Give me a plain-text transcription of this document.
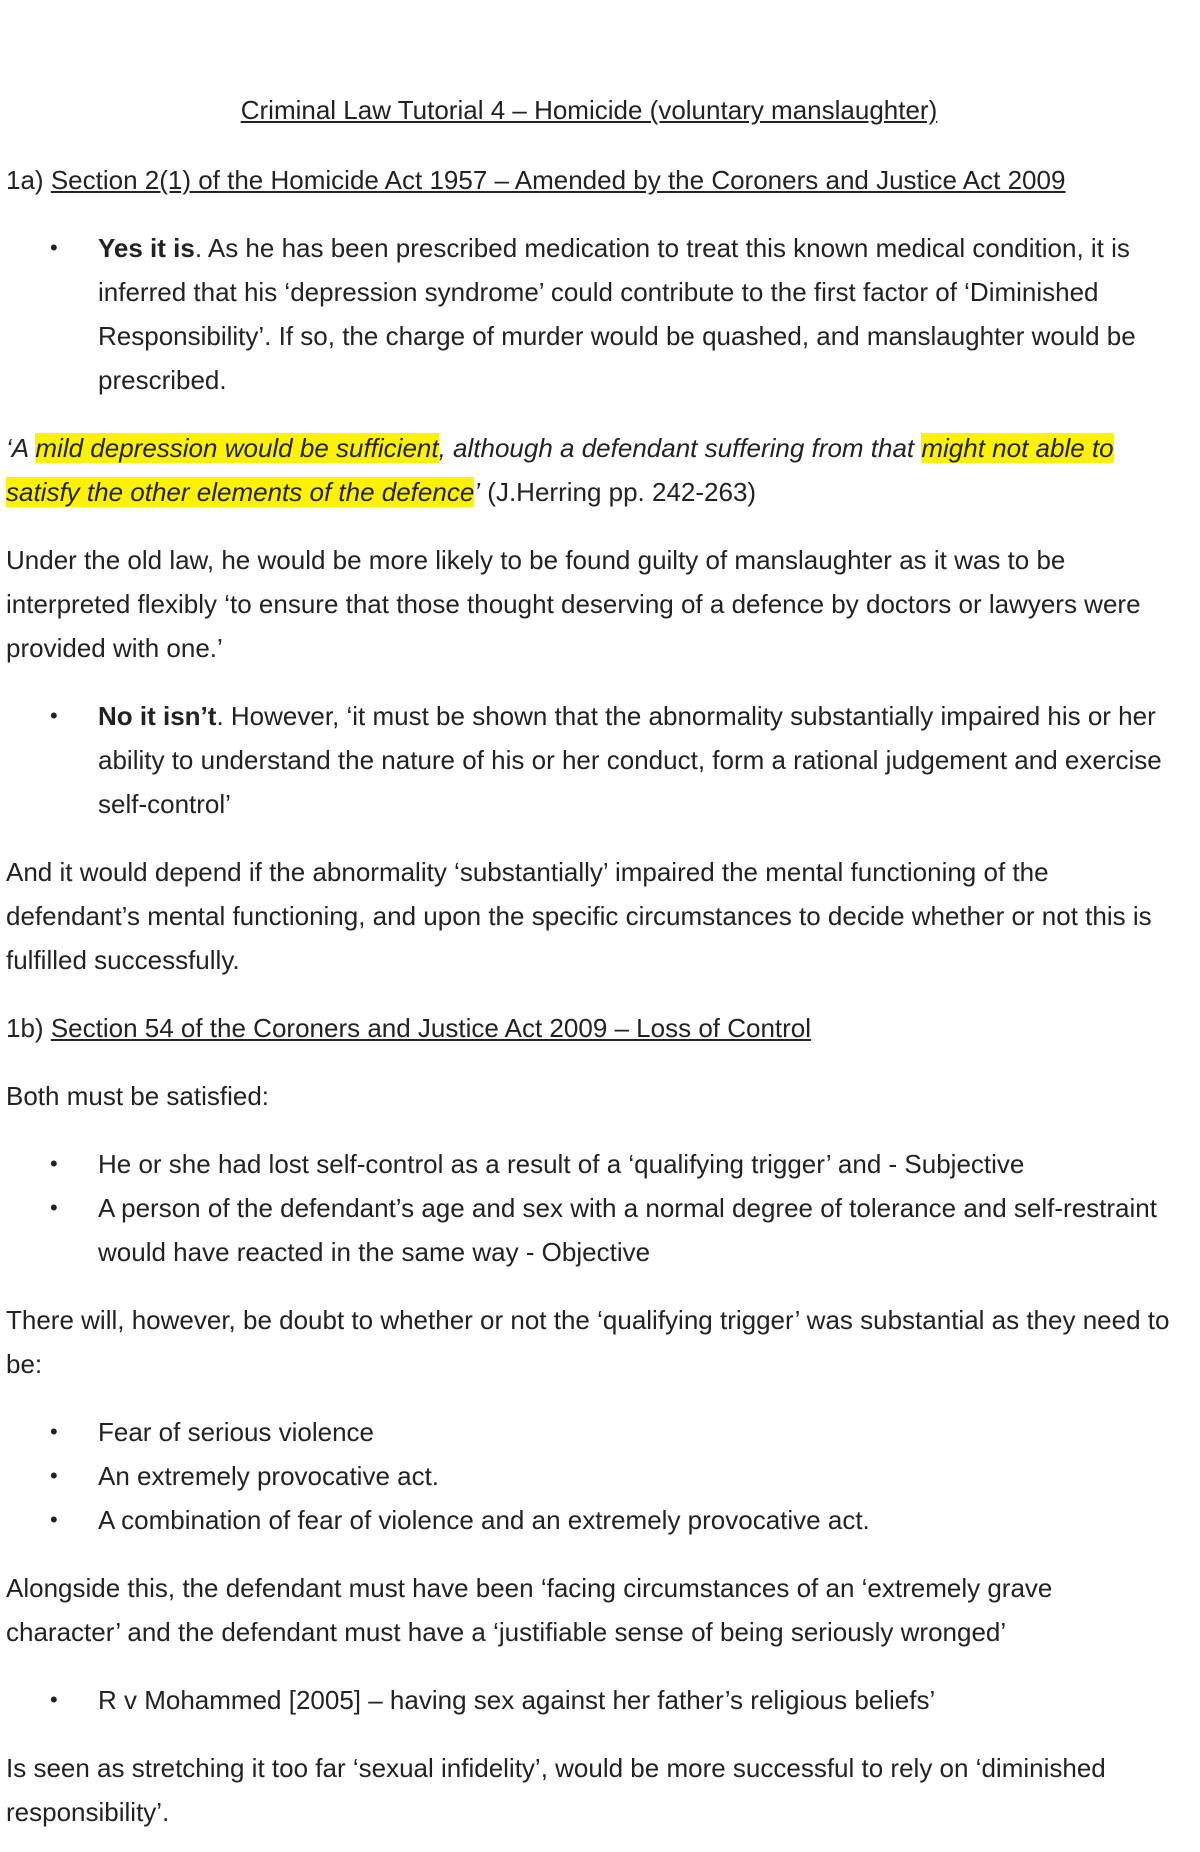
Criminal Law Tutorial 4 – Homicide (voluntary manslaughter)
1a) Section 2(1) of the Homicide Act 1957 – Amended by the Coroners and Justice Act 2009
• Yes it is. As he has been prescribed medication to treat this known medical condition, it is inferred that his ‘depression syndrome’ could contribute to the first factor of ‘Diminished Responsibility’. If so, the charge of murder would be quashed, and manslaughter would be prescribed.

‘A mild depression would be sufficient, although a defendant suffering from that might not able to satisfy the other elements of the defence’ (J.Herring pp. 242-263)

Under the old law, he would be more likely to be found guilty of manslaughter as it was to be interpreted flexibly ‘to ensure that those thought deserving of a defence by doctors or lawyers were provided with one.’

• No it isn’t. However, ‘it must be shown that the abnormality substantially impaired his or her ability to understand the nature of his or her conduct, form a rational judgement and exercise self-control’

And it would depend if the abnormality ‘substantially’ impaired the mental functioning of the defendant’s mental functioning, and upon the specific circumstances to decide whether or not this is fulfilled successfully.

1b) Section 54 of the Coroners and Justice Act 2009 – Loss of Control

Both must be satisfied:

• He or she had lost self-control as a result of a ‘qualifying trigger’ and - Subjective
• A person of the defendant’s age and sex with a normal degree of tolerance and self-restraint would have reacted in the same way - Objective

There will, however, be doubt to whether or not the ‘qualifying trigger’ was substantial as they need to be:

• Fear of serious violence
• An extremely provocative act.
• A combination of fear of violence and an extremely provocative act.

Alongside this, the defendant must have been ‘facing circumstances of an ‘extremely grave character’ and the defendant must have a ‘justifiable sense of being seriously wronged’

• R v Mohammed [2005] – having sex against her father’s religious beliefs’

Is seen as stretching it too far ‘sexual infidelity’, would be more successful to rely on ‘diminished responsibility’.
